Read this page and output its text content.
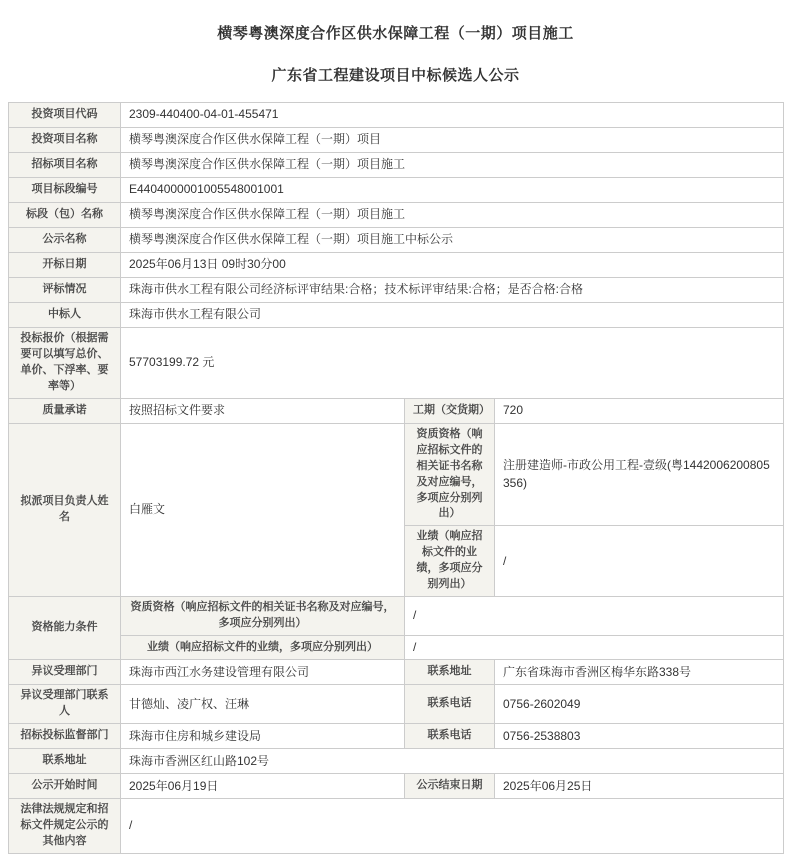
横琴粤澳深度合作区供水保障工程（一期）项目施工
广东省工程建设项目中标候选人公示
投资项目代码	2309-440400-04-01-455471		
投资项目名称	横琴粤澳深度合作区供水保障工程（一期）项目		
招标项目名称	横琴粤澳深度合作区供水保障工程（一期）项目施工		
项目标段编号	E4404000001005548001001		
标段（包）名称	横琴粤澳深度合作区供水保障工程（一期）项目施工		
公示名称	横琴粤澳深度合作区供水保障工程（一期）项目施工中标公示		
开标日期	2025年06月13日 09时30分00		
评标情况	珠海市供水工程有限公司经济标评审结果:合格；技术标评审结果:合格；是否合格:合格		
中标人	珠海市供水工程有限公司		
投标报价（根据需要可以填写总价、单价、下浮率、要率等）	57703199.72 元		
质量承诺	按照招标文件要求	工期（交货期）	720
拟派项目负责人姓名	白雁文	资质资格（响应招标文件的相关证书名称及对应编号，多项应分别列出）	注册建造师-市政公用工程-壹级(粤1442006200805356)
		业绩（响应招标文件的业绩，多项应分别列出）	/
资格能力条件	资质资格（响应招标文件的相关证书名称及对应编号，多项应分别列出）	/	
	业绩（响应招标文件的业绩，多项应分别列出）	/	
异议受理部门	珠海市西江水务建设管理有限公司	联系地址	广东省珠海市香洲区梅华东路338号
异议受理部门联系人	甘德灿、凌广权、汪琳	联系电话	0756-2602049
招标投标监督部门	珠海市住房和城乡建设局	联系电话	0756-2538803
联系地址	珠海市香洲区红山路102号		
公示开始时间	2025年06月19日	公示结束日期	2025年06月25日
法律法规规定和招标文件规定公示的其他内容	/		
